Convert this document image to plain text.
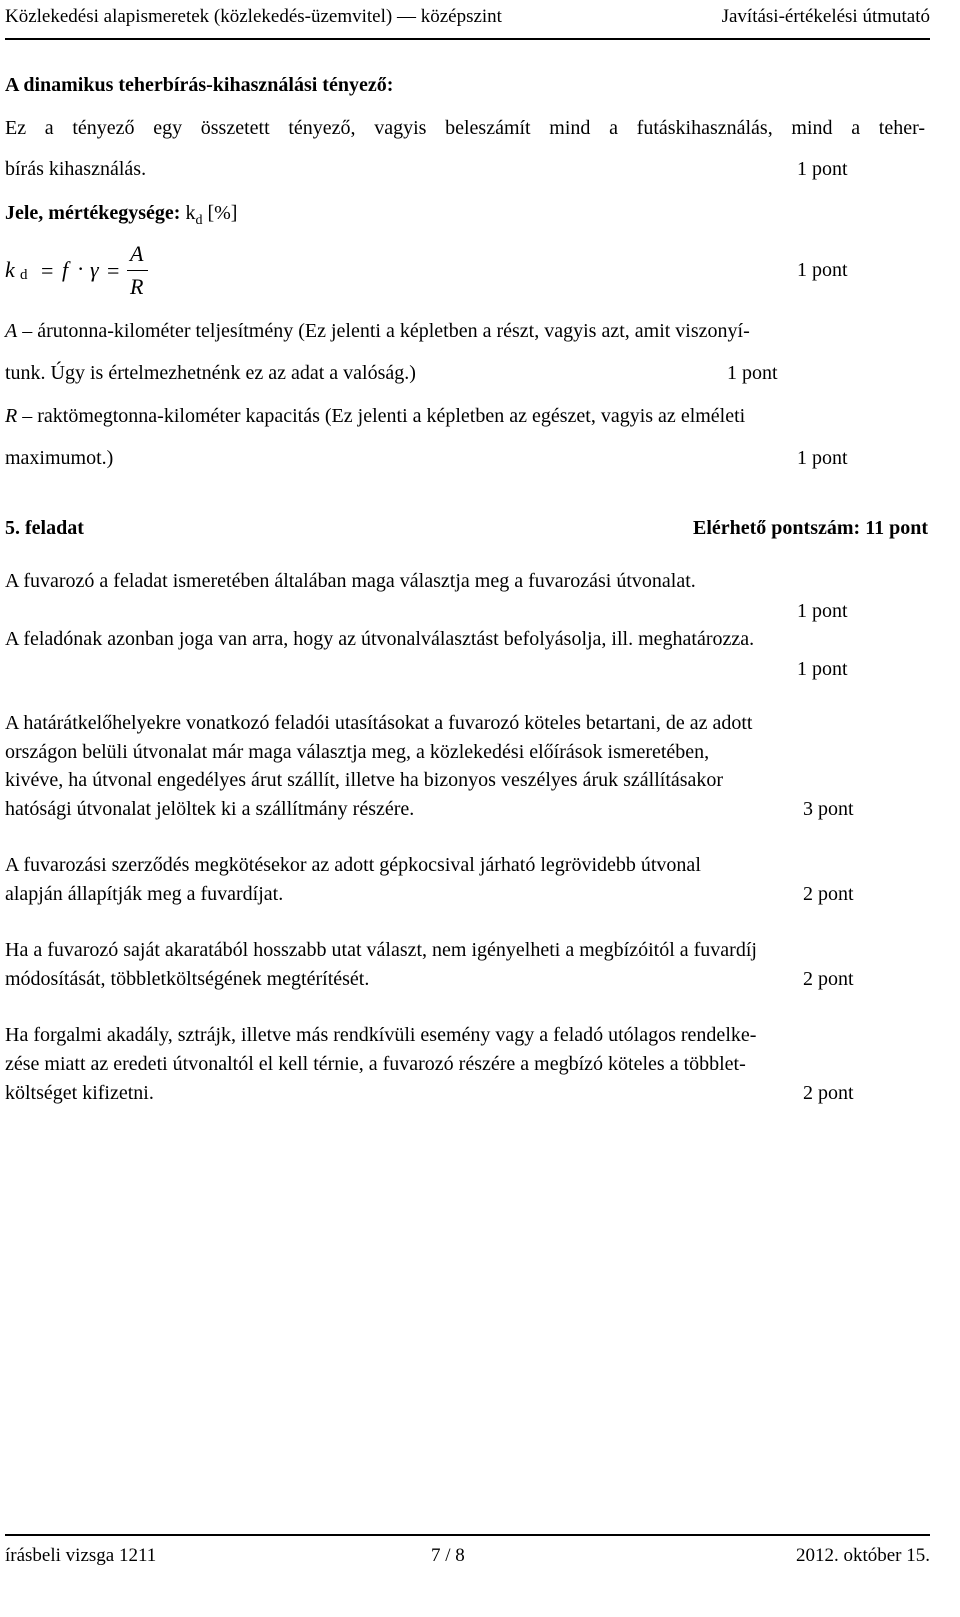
Közlekedési alapismeretek (közlekedés-üzemvitel) — középszint	Javítási-értékelési útmutató
A dinamikus teherbírás-kihasználási tényező:
Ez a tényező egy összetett tényező, vagyis beleszámít mind a futáskihasználás, mind a teher-
bírás kihasználás.	1 pont
Jele, mértékegysége: $k_d$ [%]
k d = f · γ =
A
R
1 pont
A – árutonna-kilométer teljesítmény (Ez jelenti a képletben a részt, vagyis azt, amit viszonyí-
tunk. Úgy is értelmezhetnénk ez az adat a valóság.)	1 pont
R – raktömegtonna-kilométer kapacitás (Ez jelenti a képletben az egészet, vagyis az elméleti
maximumot.)	1 pont
5. feladat	Elérhető pontszám: 11 pont
A fuvarozó a feladat ismeretében általában maga választja meg a fuvarozási útvonalat.
1 pont
A feladónak azonban joga van arra, hogy az útvonalválasztást befolyásolja, ill. meghatározza.
1 pont
A határátkelőhelyekre vonatkozó feladói utasításokat a fuvarozó köteles betartani, de az adott
országon belüli útvonalat már maga választja meg, a közlekedési előírások ismeretében,
kivéve, ha útvonal engedélyes árut szállít, illetve ha bizonyos veszélyes áruk szállításakor
hatósági útvonalat jelöltek ki a szállítmány részére.	3 pont
A fuvarozási szerződés megkötésekor az adott gépkocsival járható legrövidebb útvonal
alapján állapítják meg a fuvardíjat.	2 pont
Ha a fuvarozó saját akaratából hosszabb utat választ, nem igényelheti a megbízóitól a fuvardíj
módosítását, többletköltségének megtérítését.	2 pont
Ha forgalmi akadály, sztrájk, illetve más rendkívüli esemény vagy a feladó utólagos rendelke-
zése miatt az eredeti útvonaltól el kell térnie, a fuvarozó részére a megbízó köteles a többlet-
költséget kifizetni.	2 pont
írásbeli vizsga 1211	7 / 8	2012. október 15.
